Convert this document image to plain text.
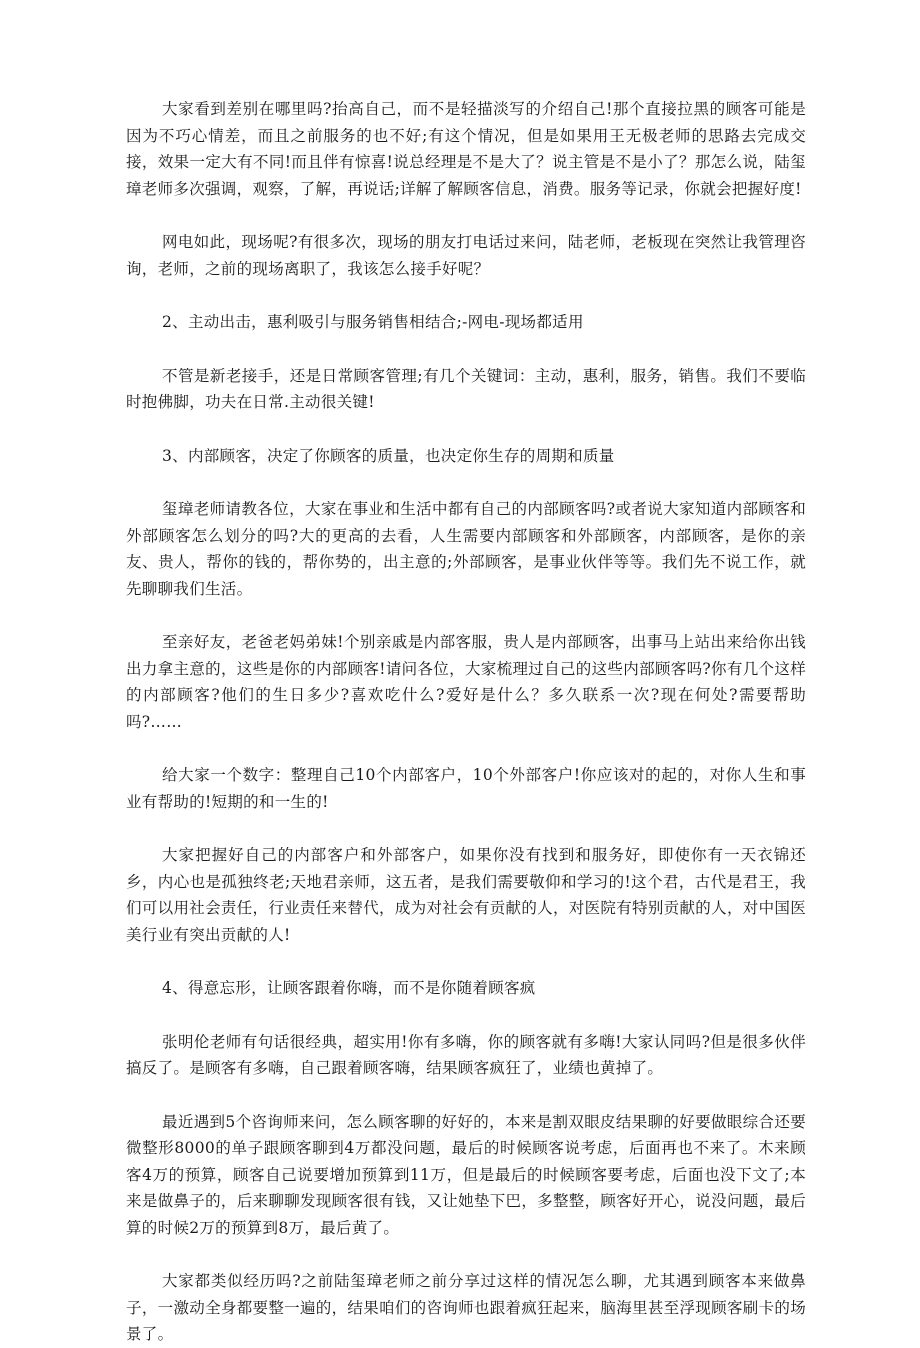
大家看到差别在哪里吗?抬高自己，而不是轻描淡写的介绍自己!那个直接拉黑的顾客可能是因为不巧心情差，而且之前服务的也不好;有这个情况，但是如果用王无极老师的思路去完成交接，效果一定大有不同!而且伴有惊喜!说总经理是不是大了？说主管是不是小了？那怎么说，陆玺璋老师多次强调，观察，了解，再说话;详解了解顾客信息，消费。服务等记录，你就会把握好度!

网电如此，现场呢?有很多次，现场的朋友打电话过来问，陆老师，老板现在突然让我管理咨询，老师，之前的现场离职了，我该怎么接手好呢？

2、主动出击，惠利吸引与服务销售相结合;-网电-现场都适用

不管是新老接手，还是日常顾客管理;有几个关键词：主动，惠利，服务，销售。我们不要临时抱佛脚，功夫在日常.主动很关键!

3、内部顾客，决定了你顾客的质量，也决定你生存的周期和质量

玺璋老师请教各位，大家在事业和生活中都有自己的内部顾客吗?或者说大家知道内部顾客和外部顾客怎么划分的吗?大的更高的去看，人生需要内部顾客和外部顾客，内部顾客，是你的亲友、贵人，帮你的钱的，帮你势的，出主意的;外部顾客，是事业伙伴等等。我们先不说工作，就先聊聊我们生活。

至亲好友，老爸老妈弟妹!个别亲戚是内部客服，贵人是内部顾客，出事马上站出来给你出钱出力拿主意的，这些是你的内部顾客!请问各位，大家梳理过自己的这些内部顾客吗?你有几个这样的内部顾客?他们的生日多少?喜欢吃什么?爱好是什么？多久联系一次?现在何处?需要帮助吗?……

给大家一个数字：整理自己10个内部客户，10个外部客户!你应该对的起的，对你人生和事业有帮助的!短期的和一生的!

大家把握好自己的内部客户和外部客户，如果你没有找到和服务好，即使你有一天衣锦还乡，内心也是孤独终老;天地君亲师，这五者，是我们需要敬仰和学习的!这个君，古代是君王，我们可以用社会责任，行业责任来替代，成为对社会有贡献的人，对医院有特别贡献的人，对中国医美行业有突出贡献的人!

4、得意忘形，让顾客跟着你嗨，而不是你随着顾客疯

张明伦老师有句话很经典，超实用!你有多嗨，你的顾客就有多嗨!大家认同吗?但是很多伙伴搞反了。是顾客有多嗨，自己跟着顾客嗨，结果顾客疯狂了，业绩也黄掉了。

最近遇到5个咨询师来问，怎么顾客聊的好好的，本来是割双眼皮结果聊的好要做眼综合还要微整形8000的单子跟顾客聊到4万都没问题，最后的时候顾客说考虑，后面再也不来了。木来顾客4万的预算，顾客自己说要增加预算到11万，但是最后的时候顾客要考虑，后面也没下文了;本来是做鼻子的，后来聊聊发现顾客很有钱，又让她垫下巴，多整整，顾客好开心，说没问题，最后算的时候2万的预算到8万，最后黄了。

大家都类似经历吗?之前陆玺璋老师之前分享过这样的情况怎么聊，尤其遇到顾客本来做鼻子，一激动全身都要整一遍的，结果咱们的咨询师也跟着疯狂起来，脑海里甚至浮现顾客刷卡的场景了。
